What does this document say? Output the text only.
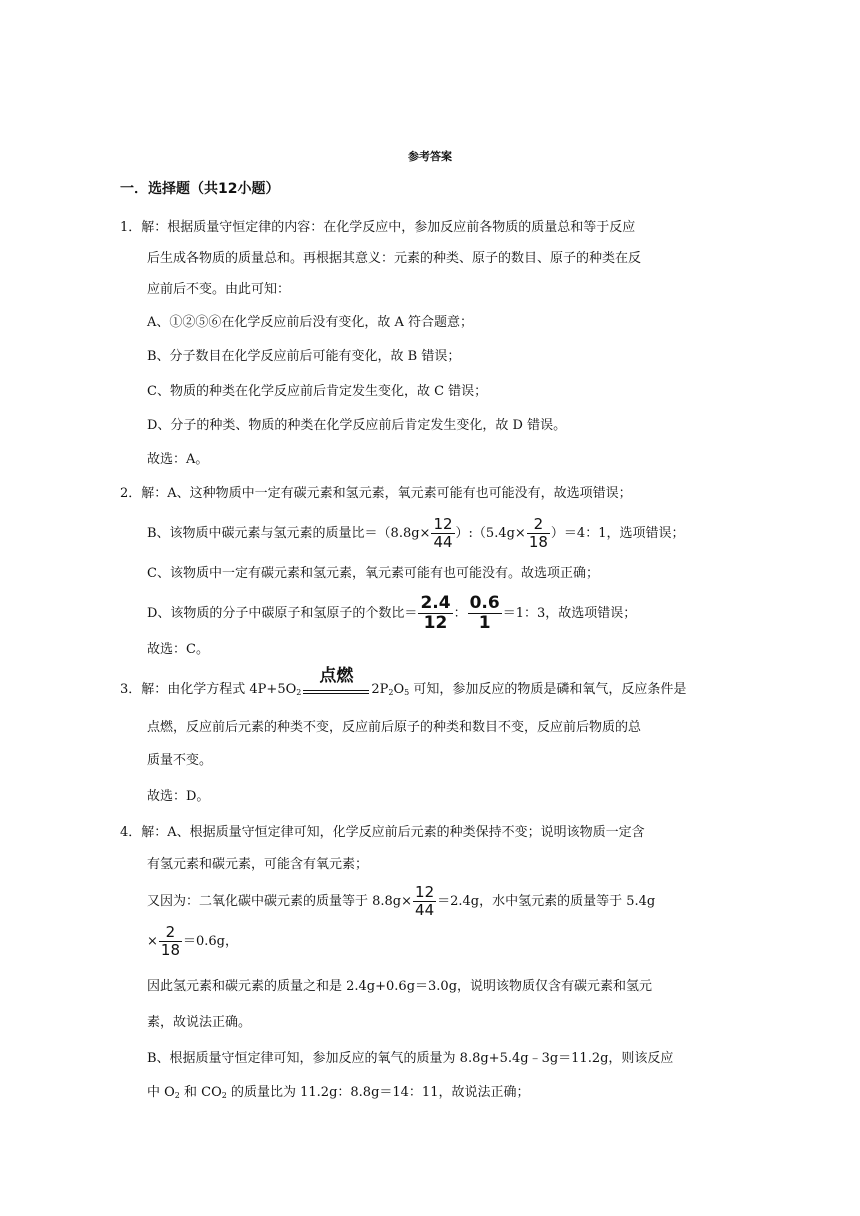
参考答案
一．选择题（共12小题）
1．解：根据质量守恒定律的内容：在化学反应中，参加反应前各物质的质量总和等于反应
后生成各物质的质量总和。再根据其意义：元素的种类、原子的数目、原子的种类在反
应前后不变。由此可知：
A、①②⑤⑥在化学反应前后没有变化，故 A 符合题意；
B、分子数目在化学反应前后可能有变化，故 B 错误；
C、物质的种类在化学反应前后肯定发生变化，故 C 错误；
D、分子的种类、物质的种类在化学反应前后肯定发生变化，故 D 错误。
故选：A。
2．解：A、这种物质中一定有碳元素和氢元素，氧元素可能有也可能没有，故选项错误；
B、该物质中碳元素与氢元素的质量比$=(8.8g\times \frac{12}{44}$ ）:（5.4g× $\frac{2}{18} )=4$：1，选项错误；
C、该物质中一定有碳元素和氢元素，氧元素可能有也可能没有。故选项正确；
D、该物质的分子中碳原子和氢原子的个数比＝ $\frac{2.4}{12}$ ： $\frac{0.6}{1} =1$：3，故选项错误；
故选：C。
3．解：由化学方程式 $4P+5O_2$
点燃
$2P_2O_5$ 可知，参加反应的物质是磷和氧气，反应条件是
点燃，反应前后元素的种类不变，反应前后原子的种类和数目不变，反应前后物质的总
质量不变。
故选：D。
4．解：A、根据质量守恒定律可知，化学反应前后元素的种类保持不变；说明该物质一定含
有氢元素和碳元素，可能含有氧元素；
又因为：二氧化碳中碳元素的质量等于 $8.8g\times \frac{12}{44} =2.4g$，水中氢元素的质量等于 5.4g
× $\frac{2}{18} =0.6g$，
因此氢元素和碳元素的质量之和是 2.4g+0.6g＝3.0g，说明该物质仅含有碳元素和氢元
素，故说法正确。
B、根据质量守恒定律可知，参加反应的氧气的质量为 8.8g+5.4g﹣3g＝11.2g，则该反应
中 $O_2$ 和 $CO_2$ 的质量比为 11.2g：8.8g＝14：11，故说法正确；
